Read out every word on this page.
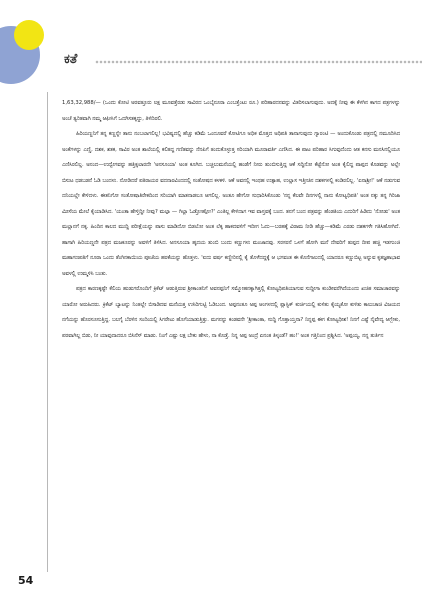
ಕತೆ

1,63,32,988/— (ಒಂದು ಕೋಟಿ ಅರವತ್ತೂರು ಲಕ್ಷ ಮೂವತ್ತೆರಡು ಸಾವಿರದ ಒಂಬೈನೂರಾ ಎಂಬತ್ತೆಂಟು ರೂ.) ಪರಿಹಾರದನವನ್ನು ವಿತರಿಸಲಾಗುವುದು. ಅದಕ್ಕೆ ನೀವು ಈ ಕೆಳಗಿನ ಕಾಗದ ಪತ್ರಗಳನ್ನು ಅಂಚೆ ತ್ವರಿತವಾಗಿ ನಮ್ಮ ಆಫೀಸಿಗೆ ಒದಗಿಸತಕ್ಕದ್ದು, ತಿಳಿದಿರಲಿ.

ಹಿರಿಯಣ್ಣನಿಗೆ ತನ್ನ ಕಣ್ಣನ್ನೇ ತಾನು ನಂಬಲಾಗಲಿಲ್ಲ! ಭವಿಷ್ಯದಲ್ಲಿ ಹೆಚ್ಚು ಕಡಿಮೆ ಒಂದೂವರೆ ಕೋಟಿಗೂ ಅಧಿಕ ಮೊತ್ತದ ಅಧಿಪತಿ ತಾನಾಗುವುದು ಗ್ಯಾರಂಟಿ — ಅಂದುಕೊಂಡು ಪತ್ರದಲ್ಲಿ ನಮೂದಿಸಿದ ಅಂಕೆಗಳನ್ನು ಎಣ್ಣಿ, ದಶಕ, ಶತಕ, ಸಾವಿರ ಅಂತ ಶಾಲೆಯಲ್ಲಿ ಕಲಿತದ್ದ ಗಣಿತವನ್ನು ನೆನಪಿಗೆ ತಂದುಕೊಳ್ಳುತ್ತ ಸರಿಯಾಗಿ ಮೂರಾವರ್ತಿ ಎಣಿಸಿದ. ಈ ಪಾಟ ಪರಿಹಾರ ಸಿಗುವುದೆಂದು ಆತ ಕನಸು ಮನಸಿನಲ್ಲಿಯೂ ಎಣಿಸಿರಲಿಲ್ಲ. ಅನಂದ—ಉದ್ವೇಗವನ್ನು ಹತ್ತಿಕ್ಕಲಾರದೇ 'ಅನಸೂಯಾ' ಅಂತ ಕೂಗಿದ. ಬಚ್ಚಲುಮನೆಯಲ್ಲಿ ಹಂಡೆಗೆ ನೀರು ತುಂಬಿಸುತ್ತಿದ್ದ ಆಕೆ ಸದ್ದಿನೋ ಕೆಟ್ಟೆನೋ ಅಂತ ಕೈಲಿದ್ದ ಪಾಪ್ಪದ ಕೊಡವನ್ನು ಅಲ್ಲೇ ಬಿಸುಟ ಧಡಬಡನೆ ಓಡಿ ಬಂದಳು. ನೋಡಿದರೆ ಪತಿರಾಯರ ವದನಾರವಿಂದದಲ್ಲಿ ಸಂತೋಷದ ಕಳಕಳಿ. ಆಕೆ ಅವನಲ್ಲಿ ಇಂಥಹ ಉತ್ಸಾಹ, ಉಲ್ಲಾಸ ಇತ್ತೀಚಿನ ದಶಕಗಳಲ್ಲಿ ಕಂಡಿರಲಿಲ್ಲ. 'ಏನಾಶ್ರೀ!' ಆಕೆ ನಡುಗುವ ದನಿಯಲ್ಲೇ ಕೇಳಿದಳು. ಈತನಿಗೋ ಸಂತೋಷಾತಿರೇಕದಿಂದ ಸರಿಯಾಗಿ ಮಾತನಾಡಲೂ ಆಗಲಿಲ್ಲ. ಅಂತೂ ಹೇಗೋ ಸುಧಾರಿಸಿಕೊಂಡು 'ನನ್ನ ಕೆಲವೇ ದಿನಗಳಲ್ಲಿ ನಾನು ಕೋಟ್ಯಧಿಪತಿ' ಅಂತ ನಕ್ಕು ತನ್ನ ಗಿರಿಜಾ ಮೀಸೆಯ ಮೇಲೆ ಕೈಯಾಡಿಸಿದ. 'ಯಂತಾ ಹೇಳ್ತಿದ್ದೀ ನೀವು? ಮಲ್ಗಾ — ಗಿಲ್ಲಾ ಓಡ್ತೋಹ್ಗೋ?' ಎಂತಿಲ್ಲ ಕೇಳಿದಾಗ ಇವ ವಾಸ್ತವಕ್ಕೆ ಬಂದ. ತನಗೆ ಬಂದ ಪತ್ರವನ್ನು ಹೆಂಡತಿಯ ಎದುರಿಗೆ ಹಿಡಿದು 'ನೋಡು' ಅಂತ ಮಲ್ಲಾನಗೆ ನಕ್ಕ. ಹಿಂದಿನ ಕಾಲದ ಮುದ್ದಿ ಪರೀಕ್ಷೆಯನ್ನು ಪಾಸು ಮಾಡಿದೋ ಬಿಡಲೋ ಅಂತ ಲೆಕ್ಕ ಹಾಕದವಳಿಗೆ ಇದೀಗ ಓದು—ಬರಹಕ್ಕೆ ವಿರಾಮ ನೀಡಿ ಹೆಚ್ಚು—ಕಡಿಮೆ ಎರಡು ದಶಕಗಳೇ ಗತಿಸಿಹೋಗಿದೆ. ಹಾಗಾಗಿ ಹಿರಿಯಣ್ಣನೇ ಪತ್ರದ ಮಜಕೂರನ್ನು ಅವಳಿಗೆ ತಿಳಿಸಿದ. ಅನಸೂಯಾ ಹೃದಯ ತುಂಬಿ ಬಂದು ಕಣ್ಣುಗಳು ಮಂಜಾದವು. ಸರಸರನೆ ಒಳಗೆ ಹೋಗಿ ಮನೆ ದೇವರಿಗೆ ತುಪ್ಪದ ದೀಪ ಹಚ್ಚಿ ಇಡಗುಂಜಿ ಮಹಾಗಣಪತಿಗೆ ನೂರಾ ಒಂದು ತೆಂಗಿನಕಾಯಿಯ ಪೂಜೆಯ ಹರಕೆಯನ್ನು ಹೊತ್ತಳು. 'ಐದು ವರ್ಷ ಕಣ್ಣೀರಿನಲ್ಲಿ ಕೈ ತೊಳೆದದ್ದಕ್ಕೆ ಆ ಭಗವಂತ ಈ ಕೊನೆಗಾಲದಲ್ಲಿ ಯಾದರೂ ಕಣ್ಣುಬಿಟ್ಟ ಅನ್ನುವ ಕೃತಜ್ಞತಾಭಾವ ಅವಳಲ್ಲಿ ಉಮ್ಮಳಿಸಿ ಬಂತು.

ಪತ್ರದ ಕಾರಣಕ್ಕಷ್ಟೇ ಕೆಲಿಯ ಹುಡುಗರೊಂದಿಗೆ ಕ್ರಿಕೆಟ್ ಆಡುತ್ತಿರುವ ಶ್ರೀಕಾಂತನಿಗೆ ಅವನಪ್ಪನಿಗೆ ಸಮ್ಮೋಹನಕ್ಕಾಗಿತ್ತಲ್ಲಿ ಕೋಟ್ಯಧಿಪತಿಯಾಗುವ ಸುದ್ದೀಗಾ ಕುಂಡೀವರೆಗಿದೆಯಂದು ಖಚಿತ ಸಮಾಚಾರವನ್ನು ಯಾರೋ ಅರುಹಿದರು. ಕ್ರಿಕೆಟ್ ಬ್ಯಾಟನ್ನು ನಿಂತಲ್ಲೇ ಬಿಸಾಡಿದವ ಮನೆಯತ್ತ ಉಸಿರಿಗುಟ್ಟಿ ಓಡಿಬಂದ. ಅಪ್ಪನಂತೂ ಅಪ್ಪ ಆಂಗಳದಲ್ಲಿ ಪ್ಲಾಸ್ಟಿಕ್ ಕುರ್ಚಿಯಲ್ಲಿ ಕುಳಿತು ಕೈಯ್ಯಕೋ ಕುಳಿತು ಕಾಲುಚಾಚಿ ವಿಜಯದ ನಗೆಯನ್ನು ಹೊರಸೂಸುತ್ತಿದ್ದ. ಬಲಗೈ ಬೆರಳಿನ ಸಂದಿಯಲ್ಲಿ ಸಿಗರೇಟು ಹೊಗೆಯಾಡುತ್ತಿತ್ತು. ಮಗನನ್ನು ಕಂಡವನೇ 'ಶ್ರೀಕಾಂತಾ, ಸುದ್ದಿ ಗೊತ್ತಾಯ್ತನಾ? ನಿನ್ನಪ್ಪ ಈಗ ಕೋಟ್ಯಧೀಶ! ನಿನಗೆ ಎಷ್ಟೆ ನೈವೇದ್ಯ ಆಗ್ಬೇಕು, ಪರವಾಗಿಲ್ಲ ಬಿಡು, ನೀ ಯಾವುದಾದರೂ ಬಿಸಿನೆಸ್ ಮಾಡು. ನಿಂಗೆ ಎಷ್ಟು ಲಕ್ಷ ಬೇಕು ಹೇಳು, ನಾ ಕೊಡ್ತೆ. ನಿನ್ನ ಅಪ್ಪ ಅಂದ್ರೆ ಏನಂತ ತಿಳ್ಕಂಡೆ? ಹಂ!' ಅಂತ ಗತ್ತಿನಿಂದ ಪ್ರಶ್ನಿಸಿದ. 'ಅಪ್ಪಯ್ಯ, ನನ್ನ ತುರ್ತಿನ

54
